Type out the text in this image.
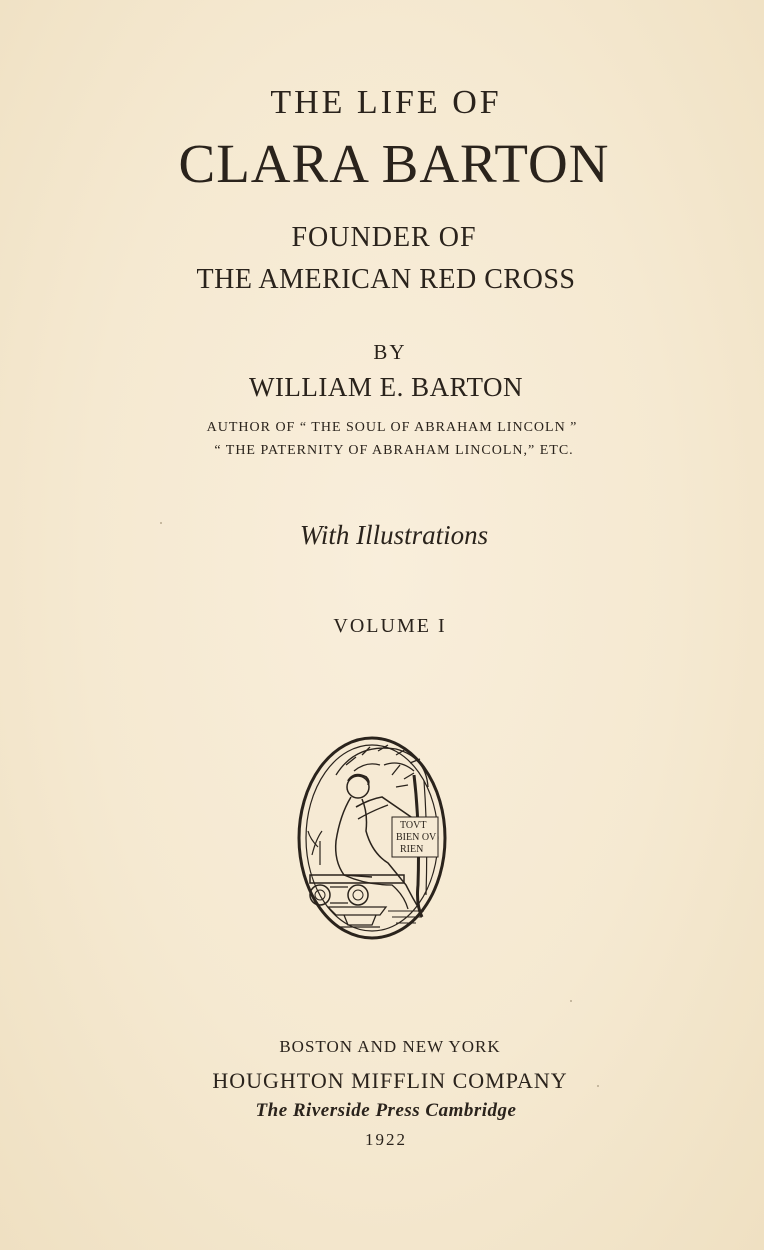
THE LIFE OF
CLARA BARTON
FOUNDER OF
THE AMERICAN RED CROSS
BY
WILLIAM E. BARTON
AUTHOR OF “ THE SOUL OF ABRAHAM LINCOLN ”
“ THE PATERNITY OF ABRAHAM LINCOLN,” ETC.
With Illustrations
VOLUME I
TOVT
BIEN OV
RIEN
BOSTON AND NEW YORK
HOUGHTON MIFFLIN COMPANY
The Riverside Press Cambridge
1922
